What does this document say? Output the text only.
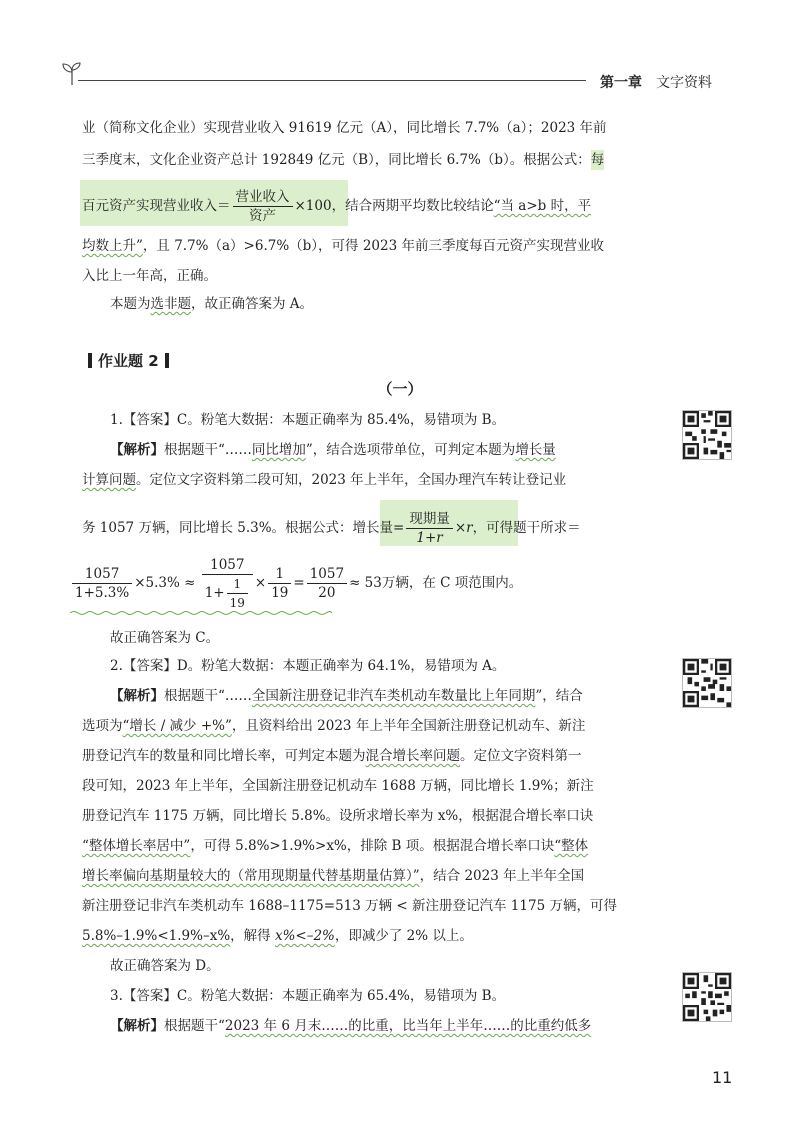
第一章 文字资料
业（简称文化企业）实现营业收入 91619 亿元（A），同比增长 7.7%（a）；2023 年前
三季度末，文化企业资产总计 192849 亿元（B），同比增长 6.7%（b）。根据公式：每
百元资产实现营业收入＝ $\frac{\text{营业收入}}{\text{资产}} \times 100$，结合两期平均数比较结论“当 a>b 时，平
均数上升”，且 7.7%（a）>6.7%（b），可得 2023 年前三季度每百元资产实现营业收
入比上一年高，正确。
本题为选非题，故正确答案为 A。
作业题 2
（一）
1.【答案】C。粉笔大数据：本题正确率为 85.4%，易错项为 B。
【解析】根据题干“……同比增加”，结合选项带单位，可判定本题为增长量
计算问题。定位文字资料第二段可知，2023 年上半年，全国办理汽车转让登记业
务 1057 万辆，同比增长 5.3%。根据公式：增长量= $\frac{\text{现期量}}{1+r} \times r$，可得题干所求＝
$\frac{1057}{1+5.3\%} \times 5.3\% \approx \frac{1057}{1+ \frac{1}{19}} \times \frac{1}{19} = \frac{1057}{20} \approx 53$万辆，在 C 项范围内。
故正确答案为 C。
2.【答案】D。粉笔大数据：本题正确率为 64.1%，易错项为 A。
【解析】根据题干“……全国新注册登记非汽车类机动车数量比上年同期”，结合
选项为“增长 / 减少 +%”，且资料给出 2023 年上半年全国新注册登记机动车、新注
册登记汽车的数量和同比增长率，可判定本题为混合增长率问题。定位文字资料第一
段可知，2023 年上半年，全国新注册登记机动车 1688 万辆，同比增长 1.9%；新注
册登记汽车 1175 万辆，同比增长 5.8%。设所求增长率为 x%，根据混合增长率口诀
“整体增长率居中”，可得 5.8%>1.9%>x%，排除 B 项。根据混合增长率口诀“整体
增长率偏向基期量较大的（常用现期量代替基期量估算）”，结合 2023 年上半年全国
新注册登记非汽车类机动车 1688–1175=513 万辆 < 新注册登记汽车 1175 万辆，可得
5.8%–1.9%<1.9%–x%，解得 x%<–2%，即减少了 2% 以上。
故正确答案为 D。
3.【答案】C。粉笔大数据：本题正确率为 65.4%，易错项为 B。
【解析】根据题干“2023 年 6 月末……的比重，比当年上半年……的比重约低多
11
